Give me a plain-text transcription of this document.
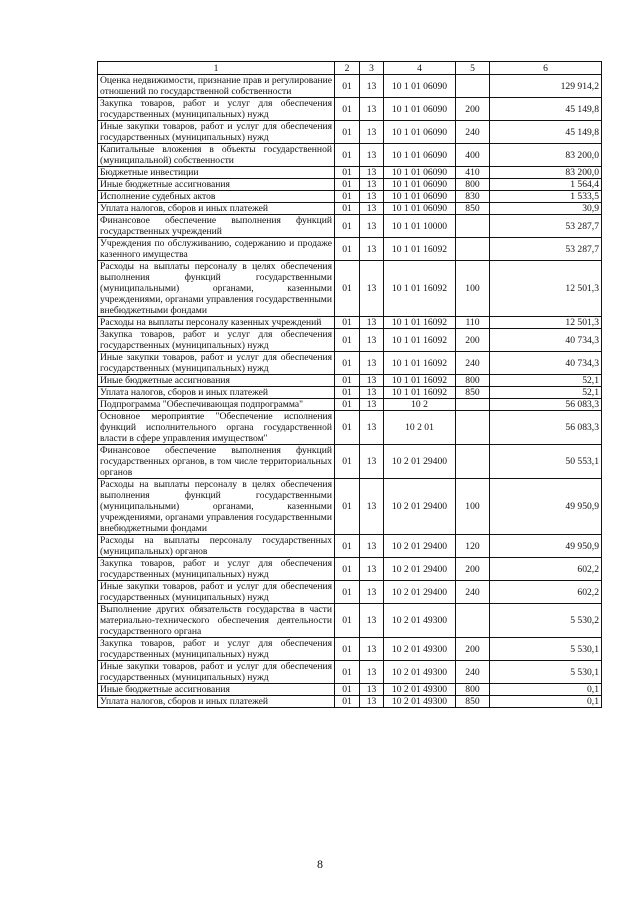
1	2	3	4	5	6
Оценка недвижимости, признание прав и регулирование отношений по государственной собственности	01	13	10 1 01 06090		129 914,2
Закупка товаров, работ и услуг для обеспечения государственных (муниципальных) нужд	01	13	10 1 01 06090	200	45 149,8
Иные закупки товаров, работ и услуг для обеспечения государственных (муниципальных) нужд	01	13	10 1 01 06090	240	45 149,8
Капитальные вложения в объекты государственной (муниципальной) собственности	01	13	10 1 01 06090	400	83 200,0
Бюджетные инвестиции	01	13	10 1 01 06090	410	83 200,0
Иные бюджетные ассигнования	01	13	10 1 01 06090	800	1 564,4
Исполнение судебных актов	01	13	10 1 01 06090	830	1 533,5
Уплата налогов, сборов и иных платежей	01	13	10 1 01 06090	850	30,9
Финансовое обеспечение выполнения функций государственных учреждений	01	13	10 1 01 10000		53 287,7
Учреждения по обслуживанию, содержанию и продаже казенного имущества	01	13	10 1 01 16092		53 287,7
Расходы на выплаты персоналу в целях обеспечения выполнения функций государственными (муниципальными) органами, казенными учреждениями, органами управления государственными внебюджетными фондами	01	13	10 1 01 16092	100	12 501,3
Расходы на выплаты персоналу казенных учреждений	01	13	10 1 01 16092	110	12 501,3
Закупка товаров, работ и услуг для обеспечения государственных (муниципальных) нужд	01	13	10 1 01 16092	200	40 734,3
Иные закупки товаров, работ и услуг для обеспечения государственных (муниципальных) нужд	01	13	10 1 01 16092	240	40 734,3
Иные бюджетные ассигнования	01	13	10 1 01 16092	800	52,1
Уплата налогов, сборов и иных платежей	01	13	10 1 01 16092	850	52,1
Подпрограмма "Обеспечивающая подпрограмма"	01	13	10 2		56 083,3
Основное мероприятие "Обеспечение исполнения функций исполнительного органа государственной власти в сфере управления имуществом"	01	13	10 2 01		56 083,3
Финансовое обеспечение выполнения функций государственных органов, в том числе территориальных органов	01	13	10 2 01 29400		50 553,1
Расходы на выплаты персоналу в целях обеспечения выполнения функций государственными (муниципальными) органами, казенными учреждениями, органами управления государственными внебюджетными фондами	01	13	10 2 01 29400	100	49 950,9
Расходы на выплаты персоналу государственных (муниципальных) органов	01	13	10 2 01 29400	120	49 950,9
Закупка товаров, работ и услуг для обеспечения государственных (муниципальных) нужд	01	13	10 2 01 29400	200	602,2
Иные закупки товаров, работ и услуг для обеспечения государственных (муниципальных) нужд	01	13	10 2 01 29400	240	602,2
Выполнение других обязательств государства в части материально-технического обеспечения деятельности государственного органа	01	13	10 2 01 49300		5 530,2
Закупка товаров, работ и услуг для обеспечения государственных (муниципальных) нужд	01	13	10 2 01 49300	200	5 530,1
Иные закупки товаров, работ и услуг для обеспечения государственных (муниципальных) нужд	01	13	10 2 01 49300	240	5 530,1
Иные бюджетные ассигнования	01	13	10 2 01 49300	800	0,1
Уплата налогов, сборов и иных платежей	01	13	10 2 01 49300	850	0,1
8
